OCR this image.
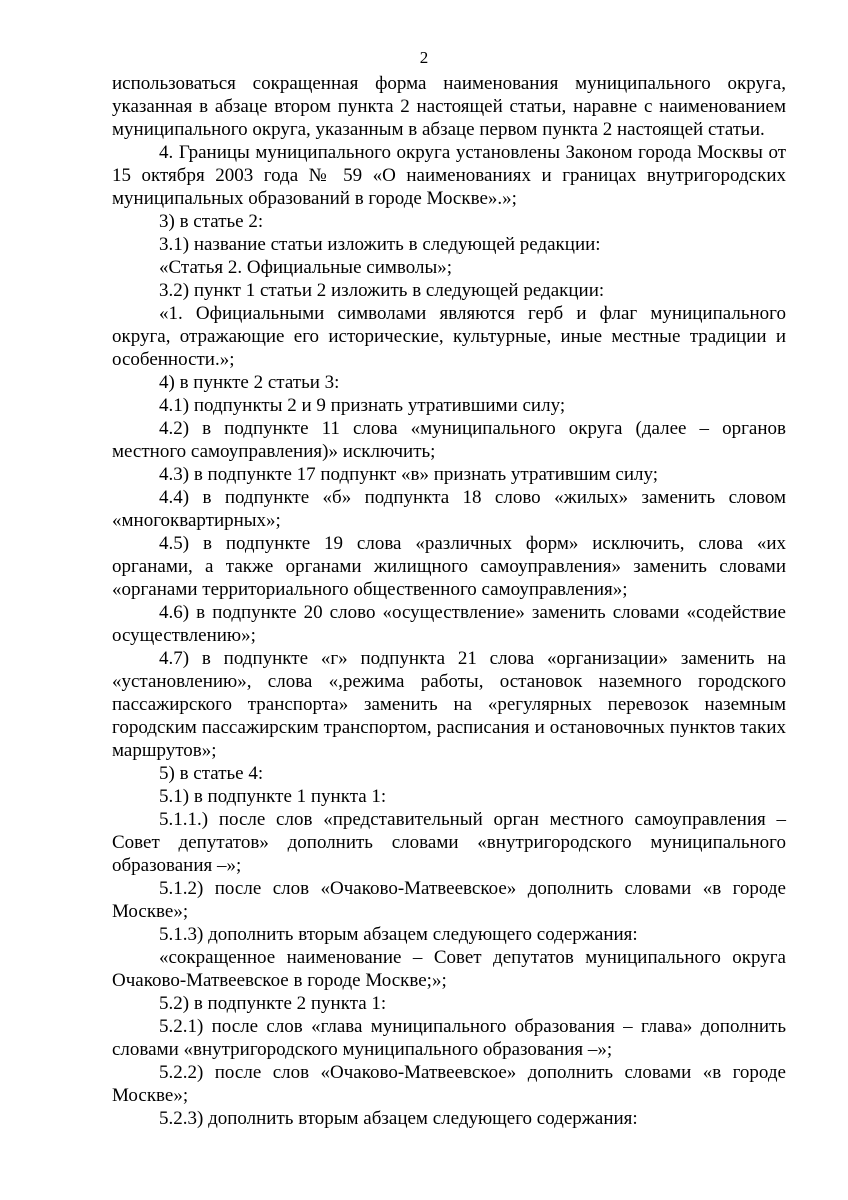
2

использоваться сокращенная форма наименования муниципального округа, указанная в абзаце втором пункта 2 настоящей статьи, наравне с наименованием муниципального округа, указанным в абзаце первом пункта 2 настоящей статьи.

4. Границы муниципального округа установлены Законом города Москвы от 15 октября 2003 года № 59 «О наименованиях и границах внутригородских муниципальных образований в городе Москве».»;

3) в статье 2:

3.1) название статьи изложить в следующей редакции:

«Статья 2. Официальные символы»;

3.2) пункт 1 статьи 2 изложить в следующей редакции:

«1. Официальными символами являются герб и флаг муниципального округа, отражающие его исторические, культурные, иные местные традиции и особенности.»;

4) в пункте 2 статьи 3:

4.1) подпункты 2 и 9 признать утратившими силу;

4.2) в подпункте 11 слова «муниципального округа (далее – органов местного самоуправления)» исключить;

4.3) в подпункте 17 подпункт «в» признать утратившим силу;

4.4) в подпункте «б» подпункта 18 слово «жилых» заменить словом «многоквартирных»;

4.5) в подпункте 19 слова «различных форм» исключить, слова «их органами, а также органами жилищного самоуправления» заменить словами «органами территориального общественного самоуправления»;

4.6) в подпункте 20 слово «осуществление» заменить словами «содействие осуществлению»;

4.7) в подпункте «г» подпункта 21 слова «организации» заменить на «установлению», слова «,режима работы, остановок наземного городского пассажирского транспорта» заменить на «регулярных перевозок наземным городским пассажирским транспортом, расписания и остановочных пунктов таких маршрутов»;

5) в статье 4:

5.1) в подпункте 1 пункта 1:

5.1.1.) после слов «представительный орган местного самоуправления – Совет депутатов» дополнить словами «внутригородского муниципального образования –»;

5.1.2) после слов «Очаково-Матвеевское» дополнить словами «в городе Москве»;

5.1.3) дополнить вторым абзацем следующего содержания:

«сокращенное наименование – Совет депутатов муниципального округа Очаково-Матвеевское в городе Москве;»;

5.2) в подпункте 2 пункта 1:

5.2.1) после слов «глава муниципального образования – глава» дополнить словами «внутригородского муниципального образования –»;

5.2.2) после слов «Очаково-Матвеевское» дополнить словами «в городе Москве»;

5.2.3) дополнить вторым абзацем следующего содержания:
